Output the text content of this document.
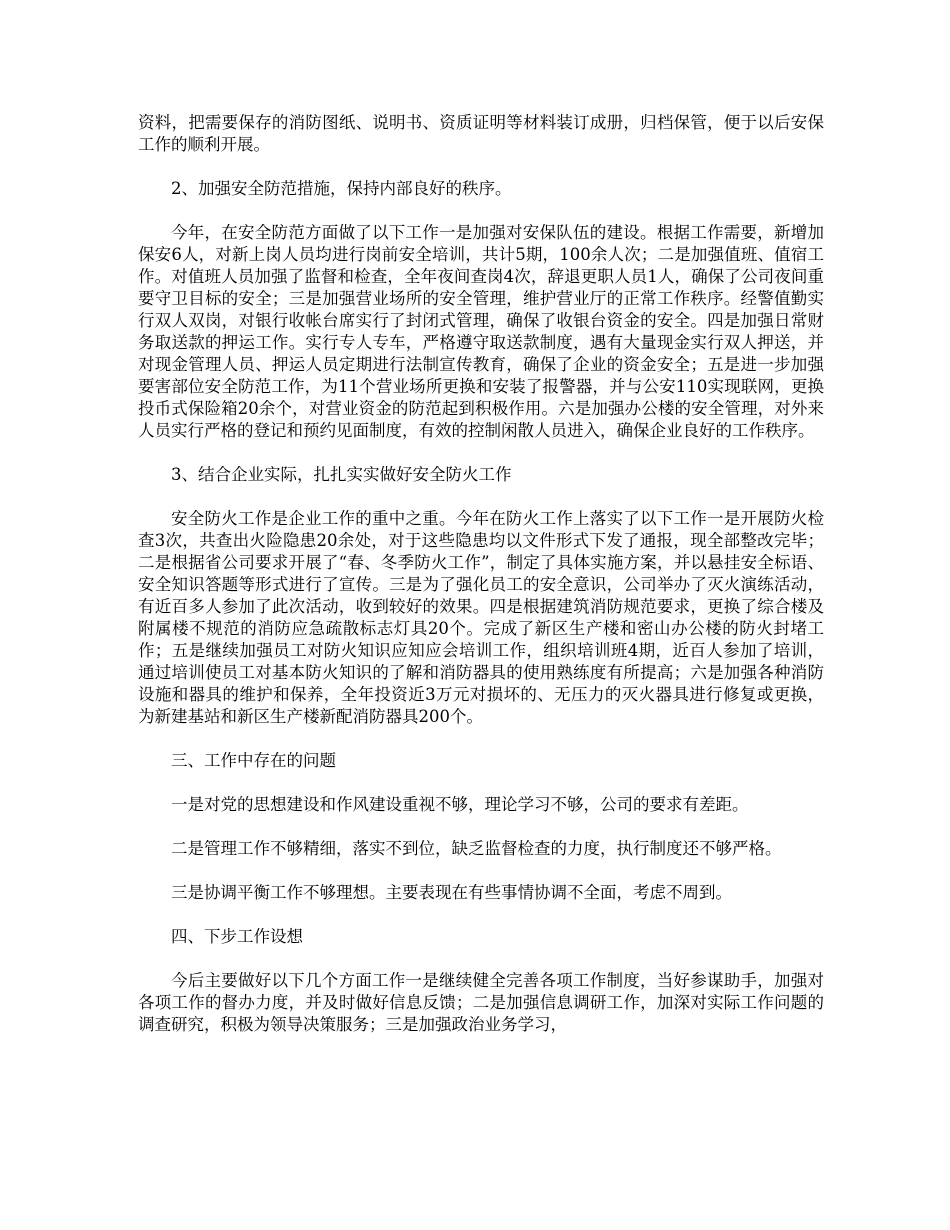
资料，把需要保存的消防图纸、说明书、资质证明等材料装订成册，归档保管，便于以后安保工作的顺利开展。

2、加强安全防范措施，保持内部良好的秩序。

今年，在安全防范方面做了以下工作一是加强对安保队伍的建设。根据工作需要，新增加保安6人，对新上岗人员均进行岗前安全培训，共计5期，100余人次；二是加强值班、值宿工作。对值班人员加强了监督和检查，全年夜间查岗4次，辞退更职人员1人，确保了公司夜间重要守卫目标的安全；三是加强营业场所的安全管理，维护营业厅的正常工作秩序。经警值勤实行双人双岗，对银行收帐台席实行了封闭式管理，确保了收银台资金的安全。四是加强日常财务取送款的押运工作。实行专人专车，严格遵守取送款制度，遇有大量现金实行双人押送，并对现金管理人员、押运人员定期进行法制宣传教育，确保了企业的资金安全；五是进一步加强要害部位安全防范工作，为11个营业场所更换和安装了报警器，并与公安110实现联网，更换投币式保险箱20余个，对营业资金的防范起到积极作用。六是加强办公楼的安全管理，对外来人员实行严格的登记和预约见面制度，有效的控制闲散人员进入，确保企业良好的工作秩序。

3、结合企业实际，扎扎实实做好安全防火工作

安全防火工作是企业工作的重中之重。今年在防火工作上落实了以下工作一是开展防火检查3次，共查出火险隐患20余处，对于这些隐患均以文件形式下发了通报，现全部整改完毕；二是根据省公司要求开展了“春、冬季防火工作”，制定了具体实施方案，并以悬挂安全标语、安全知识答题等形式进行了宣传。三是为了强化员工的安全意识，公司举办了灭火演练活动，有近百多人参加了此次活动，收到较好的效果。四是根据建筑消防规范要求，更换了综合楼及附属楼不规范的消防应急疏散标志灯具20个。完成了新区生产楼和密山办公楼的防火封堵工作；五是继续加强员工对防火知识应知应会培训工作，组织培训班4期，近百人参加了培训，通过培训使员工对基本防火知识的了解和消防器具的使用熟练度有所提高；六是加强各种消防设施和器具的维护和保养，全年投资近3万元对损坏的、无压力的灭火器具进行修复或更换，为新建基站和新区生产楼新配消防器具200个。

三、工作中存在的问题

一是对党的思想建设和作风建设重视不够，理论学习不够，公司的要求有差距。

二是管理工作不够精细，落实不到位，缺乏监督检查的力度，执行制度还不够严格。

三是协调平衡工作不够理想。主要表现在有些事情协调不全面，考虑不周到。

四、下步工作设想

今后主要做好以下几个方面工作一是继续健全完善各项工作制度，当好参谋助手，加强对各项工作的督办力度，并及时做好信息反馈；二是加强信息调研工作，加深对实际工作问题的调查研究，积极为领导决策服务；三是加强政治业务学习，
